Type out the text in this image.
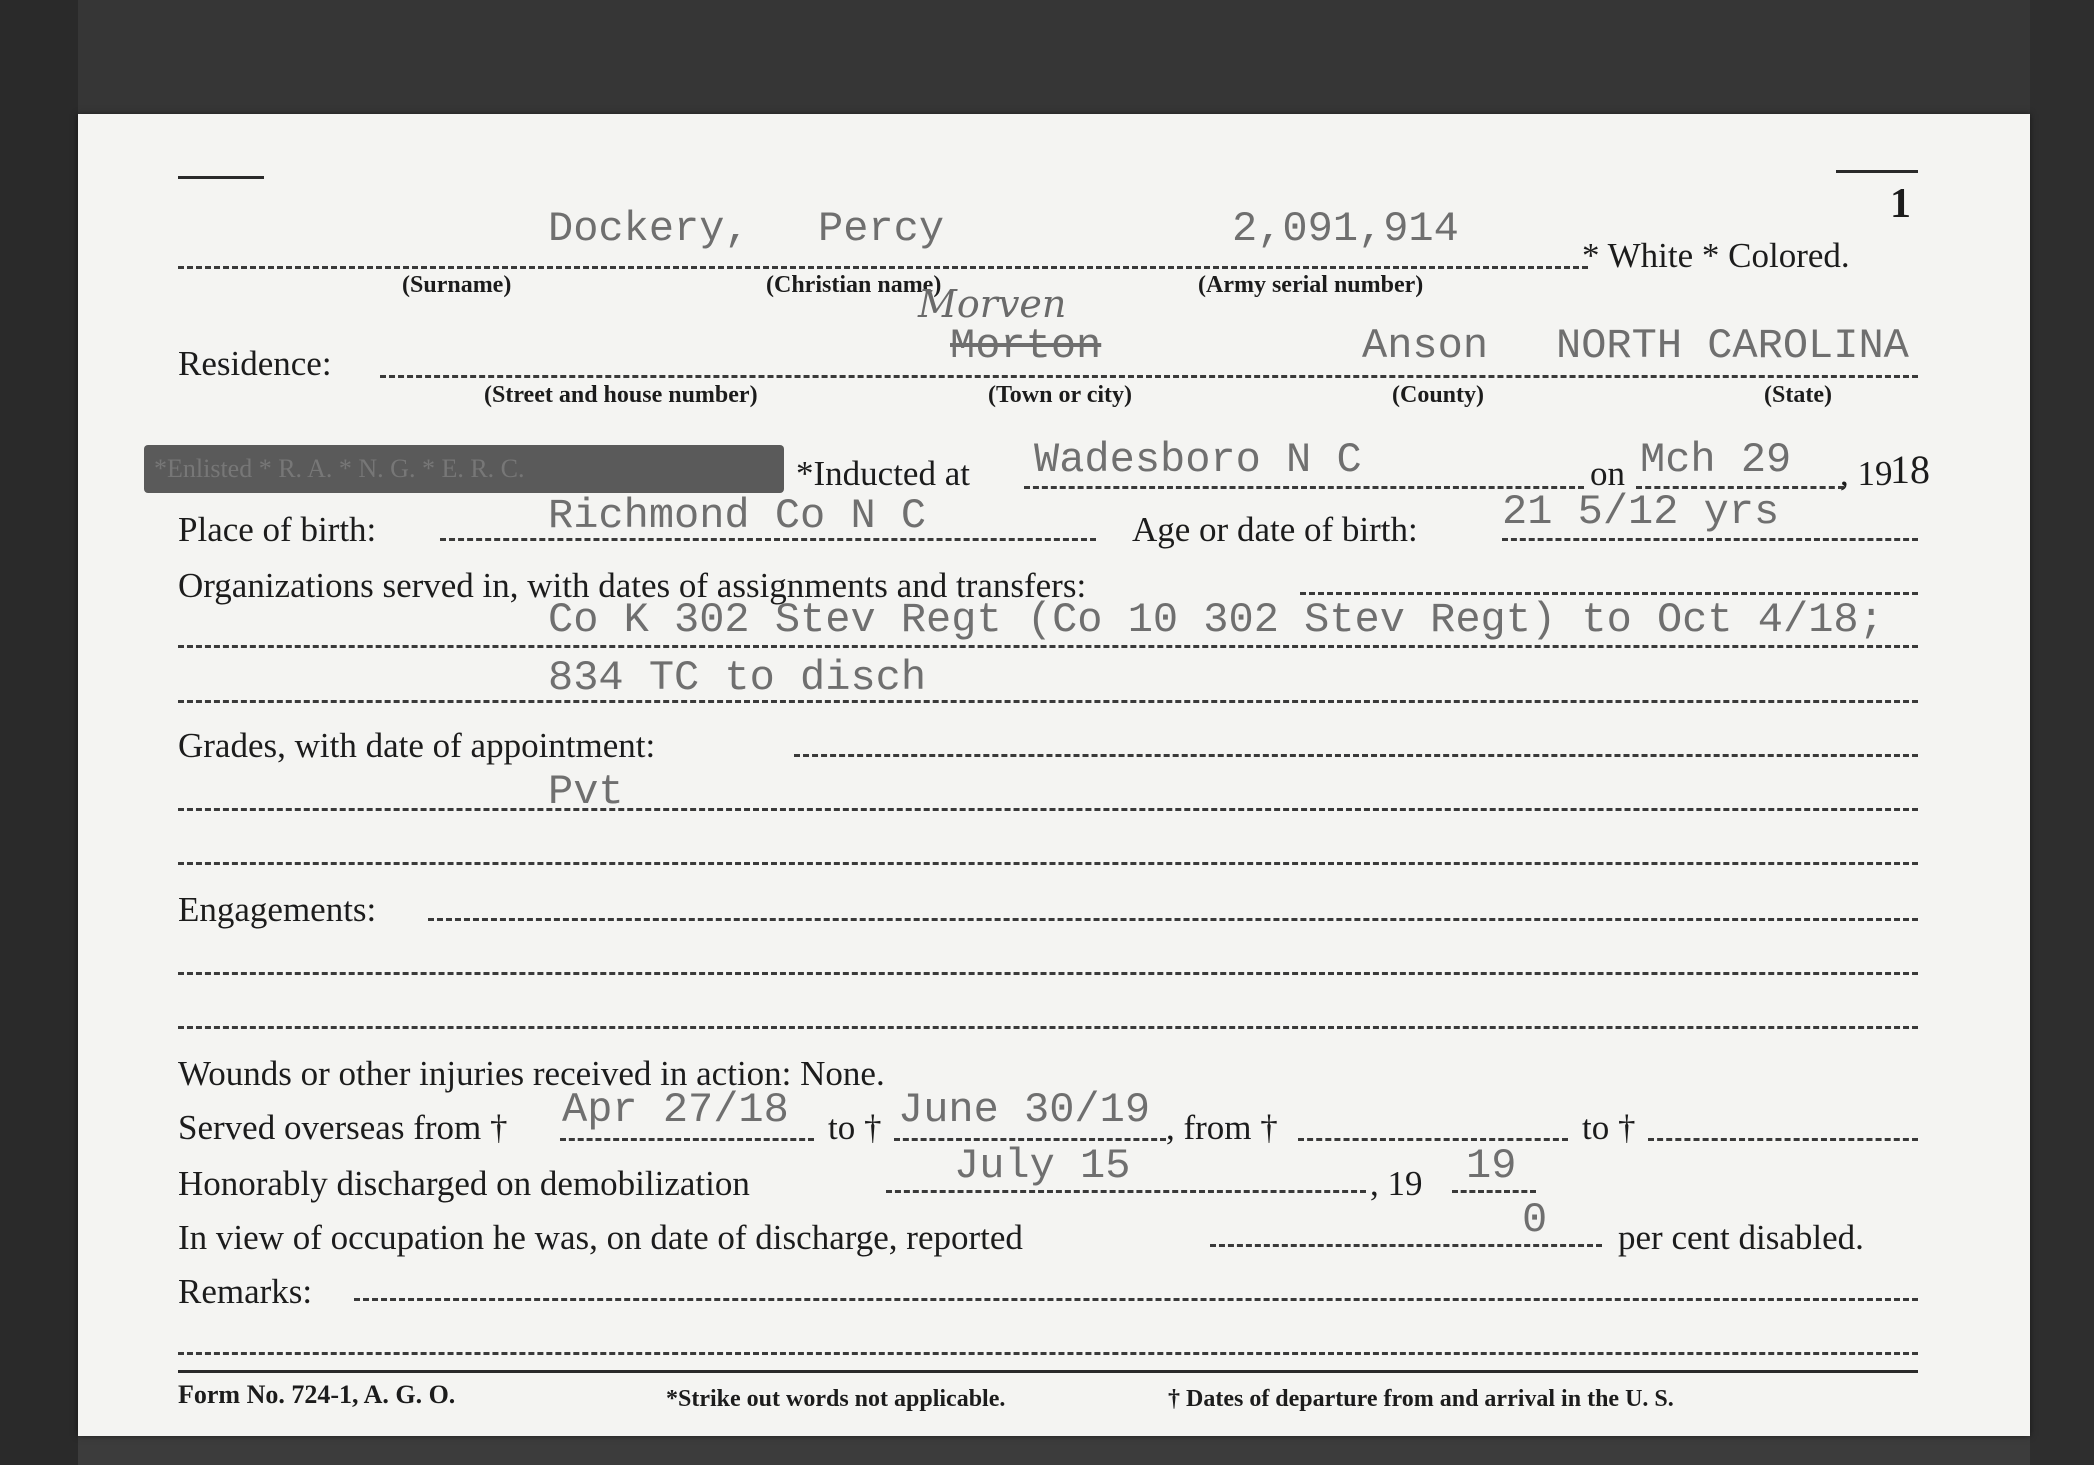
1
Dockery, Percy	2,091,914
* White * Colored.
(Surname)	(Christian name)	(Army serial number)
Morven
Residence:	Morton	Anson NORTH CAROLINA
(Street and house number)	(Town or city)	(County)	(State)
*Enlisted * R. A. * N. G. * E. R. C.	*Inducted at Wadesboro N C	on Mch 29 , 19
18
Place of birth:	Richmond Co N C	Age or date of birth: 21 5/12 yrs
Organizations served in, with dates of assignments and transfers:
Co K 302 Stev Regt (Co 10 302 Stev Regt) to Oct 4/18;
834 TC to disch
Grades, with date of appointment:
Pvt
Engagements:
Wounds or other injuries received in action: None.
Served overseas from † Apr 27/18 to † June 30/19 , from †	to †
Honorably discharged on demobilization	July 15	, 19 19
In view of occupation he was, on date of discharge, reported	0 per cent disabled.
Remarks:
Form No. 724-1, A. G. O.	*Strike out words not applicable.	† Dates of departure from and arrival in the U. S.
